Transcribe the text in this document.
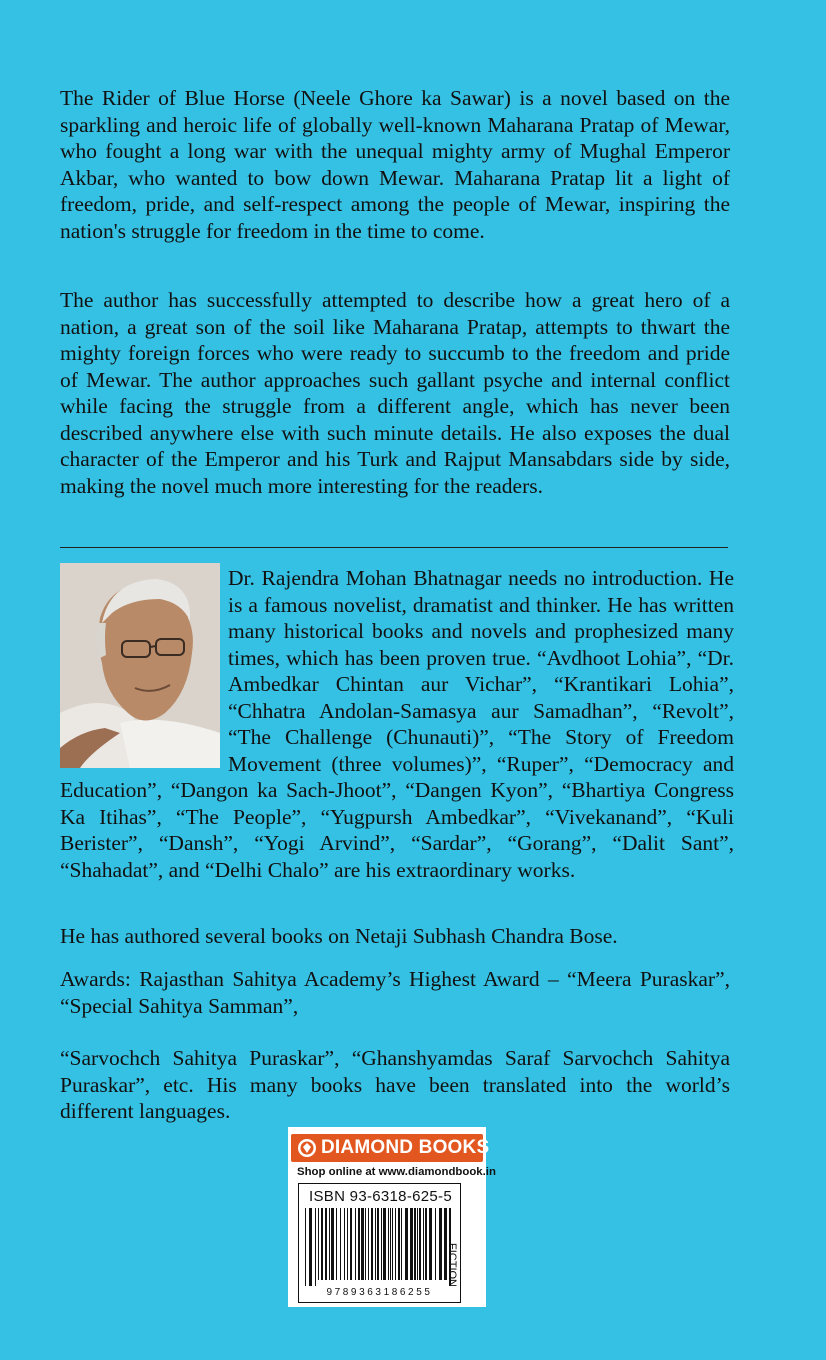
The Rider of Blue Horse (Neele Ghore ka Sawar) is a novel based on the sparkling and heroic life of globally well-known Maharana Pratap of Mewar, who fought a long war with the unequal mighty army of Mughal Emperor Akbar, who wanted to bow down Mewar. Maharana Pratap lit a light of freedom, pride, and self-respect among the people of Mewar, inspiring the nation's struggle for freedom in the time to come.

The author has successfully attempted to describe how a great hero of a nation, a great son of the soil like Maharana Pratap, attempts to thwart the mighty foreign forces who were ready to succumb to the freedom and pride of Mewar. The author approaches such gallant psyche and internal conflict while facing the struggle from a different angle, which has never been described anywhere else with such minute details. He also exposes the dual character of the Emperor and his Turk and Rajput Mansabdars side by side, making the novel much more interesting for the readers.

Dr. Rajendra Mohan Bhatnagar needs no introduction. He is a famous novelist, dramatist and thinker. He has written many historical books and novels and prophesized many times, which has been proven true. “Avdhoot Lohia”, “Dr. Ambedkar Chintan aur Vichar”, “Krantikari Lohia”, “Chhatra Andolan-Samasya aur Samadhan”, “Revolt”, “The Challenge (Chunauti)”, “The Story of Freedom Movement (three volumes)”, “Ruper”, “Democracy and Education”, “Dangon ka Sach-Jhoot”, “Dangen Kyon”, “Bhartiya Congress Ka Itihas”, “The People”, “Yugpursh Ambedkar”, “Vivekanand”, “Kuli Berister”, “Dansh”, “Yogi Arvind”, “Sardar”, “Gorang”, “Dalit Sant”, “Shahadat”, and “Delhi Chalo” are his extraordinary works.

He has authored several books on Netaji Subhash Chandra Bose.

Awards: Rajasthan Sahitya Academy’s Highest Award – “Meera Puraskar”, “Special Sahitya Samman”,

“Sarvochch Sahitya Puraskar”, “Ghanshyamdas Saraf Sarvochch Sahitya Puraskar”, etc. His many books have been translated into the world’s different languages.

DIAMOND BOOKS
Shop online at www.diamondbook.in
ISBN 93-6318-625-5
9789363186255
FICTION
